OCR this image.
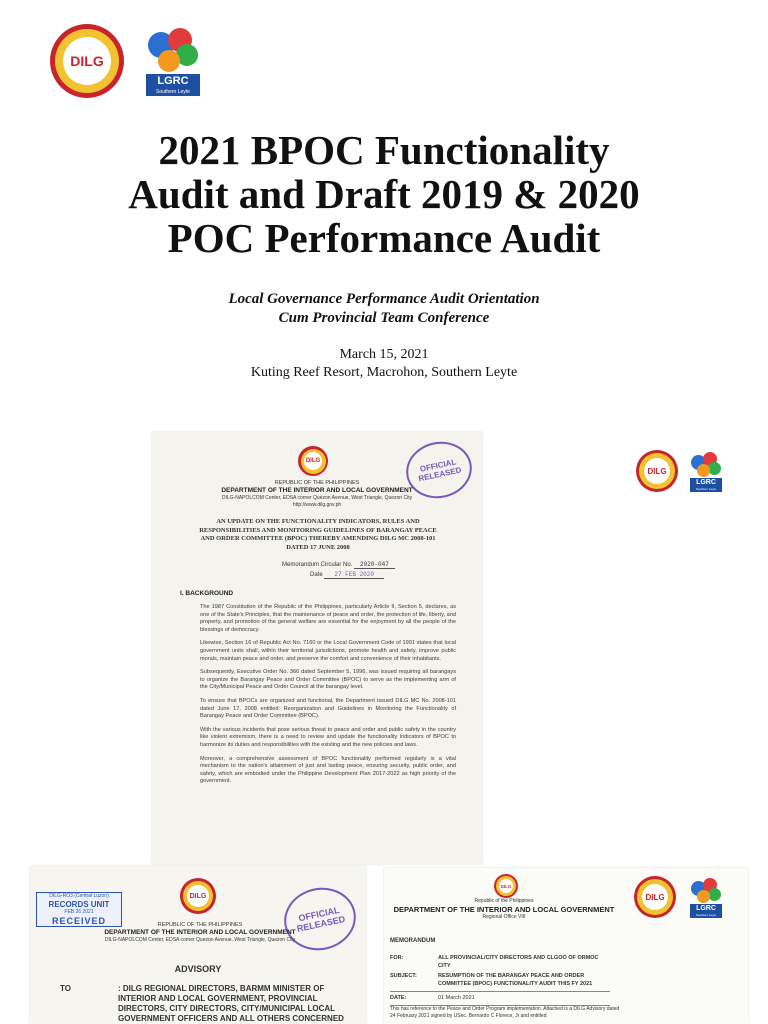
DILG
LGRC
Southern Leyte
2021 BPOC Functionality
Audit and Draft 2019 & 2020
POC Performance Audit
Local Governance Performance Audit Orientation
Cum Provincial Team Conference
March 15, 2021
Kuting Reef Resort, Macrohon, Southern Leyte
DILG	OFFICIAL RELEASED
REPUBLIC OF THE PHILIPPINES
DEPARTMENT OF THE INTERIOR AND LOCAL GOVERNMENT
DILG-NAPOLCOM Center, EDSA corner Quezon Avenue, West Triangle, Quezon City
http://www.dilg.gov.ph
AN UPDATE ON THE FUNCTIONALITY INDICATORS, RULES AND RESPONSIBILITIES AND MONITORING GUIDELINES OF BARANGAY PEACE AND ORDER COMMITTEE (BPOC) THEREBY AMENDING DILG MC 2008-101 DATED 17 JUNE 2008
Memorandum Circular No. 2020-047
Date 27 FEB 2020
I. BACKGROUND

The 1987 Constitution of the Republic of the Philippines, particularly Article II, Section 5, declares, as one of the State's Principles, that the maintenance of peace and order, the protection of life, liberty, and property, and promotion of the general welfare are essential for the enjoyment by all the people of the blessings of democracy.

Likewise, Section 16 of Republic Act No. 7160 or the Local Government Code of 1991 states that local government units shall, within their territorial jurisdictions, promote health and safety, improve public morals, maintain peace and order, and preserve the comfort and convenience of their inhabitants.

Subsequently, Executive Order No. 366 dated September 5, 1996, was issued requiring all barangays to organize the Barangay Peace and Order Committee (BPOC) to serve as the implementing arm of the City/Municipal Peace and Order Council at the barangay level.

To ensure that BPOCs are organized and functional, the Department issued DILG MC No. 2008-101 dated June 17, 2008 entitled: Reorganization and Guidelines in Monitoring the Functionality of Barangay Peace and Order Committee (BPOC).

With the various incidents that pose serious threat to peace and order and public safety in the country like violent extremism, there is a need to review and update the functionality indicators of BPOC to harmonize its duties and responsibilities with the existing and the new policies and laws.

Moreover, a comprehensive assessment of BPOC functionality performed regularly is a vital mechanism to the nation's attainment of just and lasting peace, ensuring security, public order, and safety, which are embodied under the Philippine Development Plan 2017-2022 as high priority of the government.

DILG
LGRC
Southern Leyte
DILG-RO3 (Central Luzon)
RECORDS UNIT
FEB 26 2021
RECEIVED
DILG
OFFICIAL RELEASED
REPUBLIC OF THE PHILIPPINES
DEPARTMENT OF THE INTERIOR AND LOCAL GOVERNMENT
DILG-NAPOLCOM Center, EDSA corner Quezon Avenue, West Triangle, Quezon City
ADVISORY
TO	: DILG REGIONAL DIRECTORS, BARMM MINISTER OF INTERIOR AND LOCAL GOVERNMENT, PROVINCIAL DIRECTORS, CITY DIRECTORS, CITY/MUNICIPAL LOCAL GOVERNMENT OFFICERS AND ALL OTHERS CONCERNED
DILG
Republic of the Philippines
DEPARTMENT OF THE INTERIOR AND LOCAL GOVERNMENT
Regional Office VIII
MEMORANDUM
FOR:	ALL PROVINCIAL/CITY DIRECTORS AND CLGOO OF ORMOC CITY
SUBJECT:	RESUMPTION OF THE BARANGAY PEACE AND ORDER COMMITTEE (BPOC) FUNCTIONALITY AUDIT THIS FY 2021
DATE:	01 March 2021
This has reference to the Peace and Order Program implementation. Attached is a DILG Advisory dated 24 February 2021 signed by USec. Bernardo C Florece, Jr and entitled
DILG
LGRC
Southern Leyte
